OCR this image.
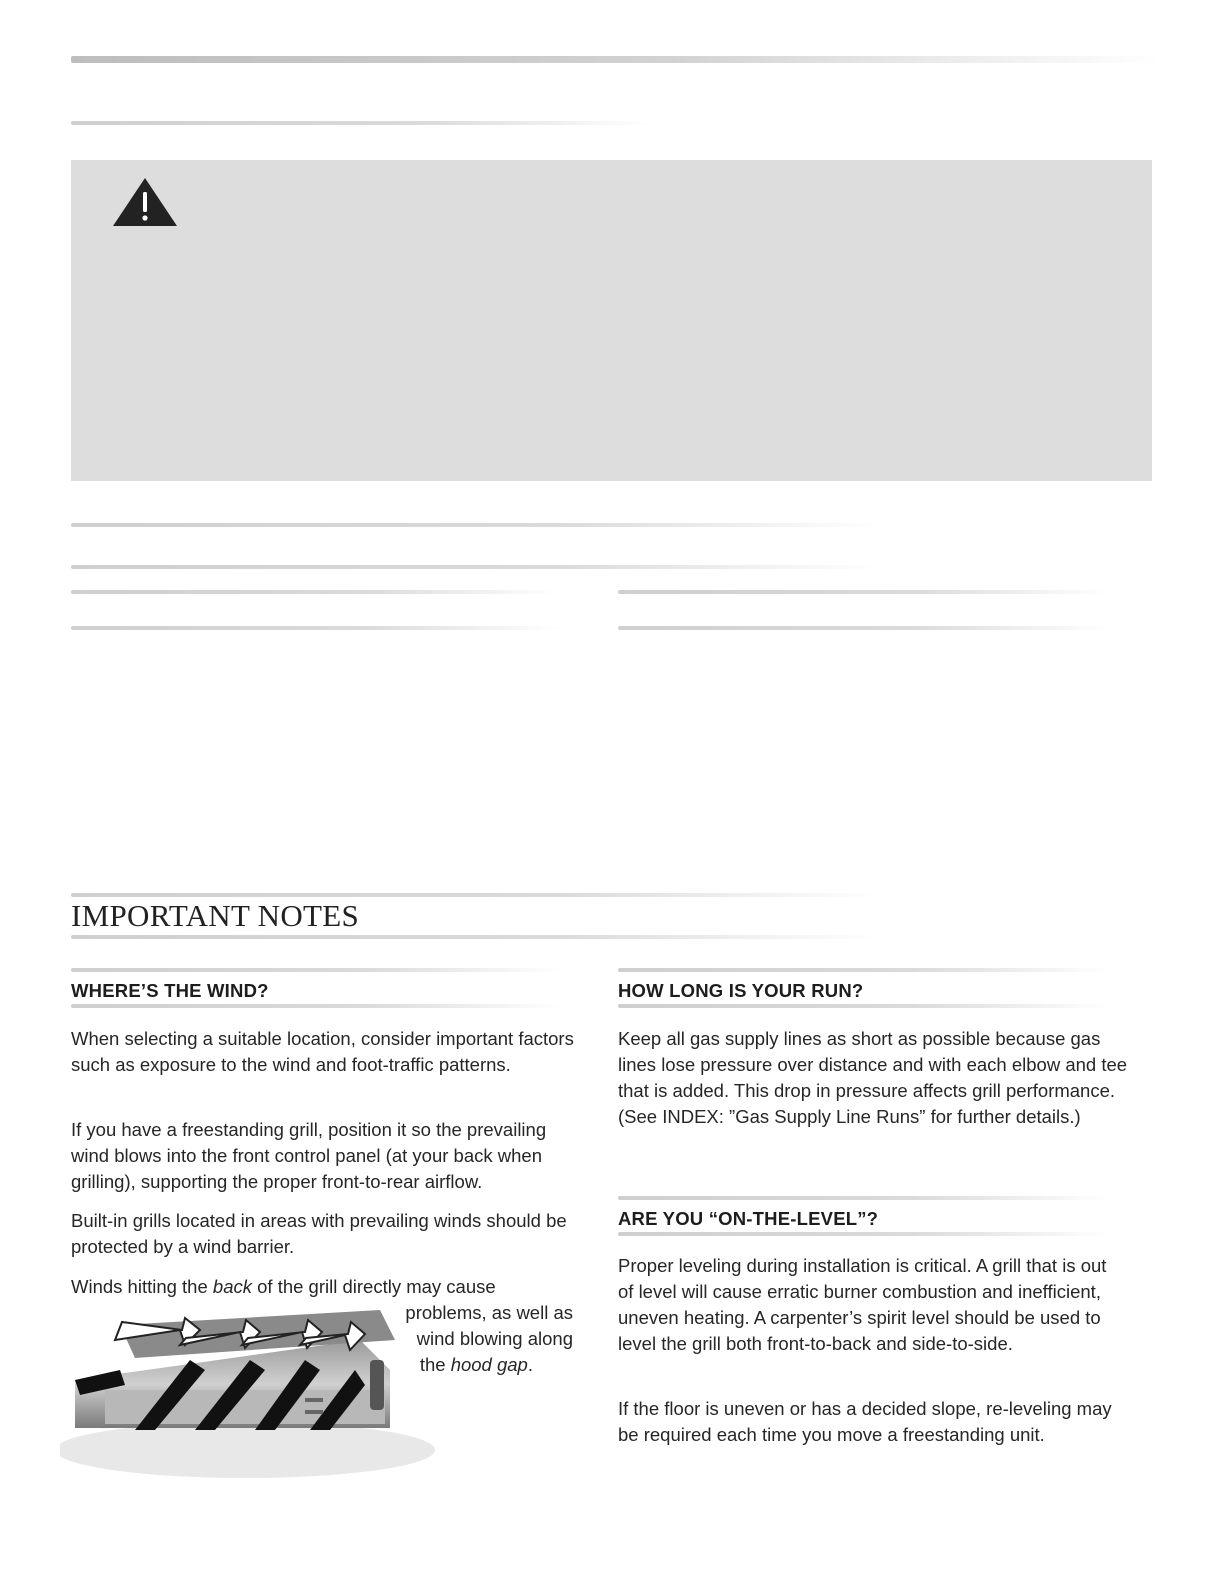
IMPORTANT NOTES
WHERE’S THE WIND?

When selecting a suitable location, consider important factors such as exposure to the wind and foot-traffic patterns.

If you have a freestanding grill, position it so the prevailing wind blows into the front control panel (at your back when grilling), supporting the proper front-to-rear airflow.

Built-in grills located in areas with prevailing winds should be protected by a wind barrier.

Winds hitting the back of the grill directly may cause

problems, as well as
wind blowing along
the hood gap.
HOW LONG IS YOUR RUN?

Keep all gas supply lines as short as possible because gas lines lose pressure over distance and with each elbow and tee that is added. This drop in pressure affects grill performance. (See INDEX: ”Gas Supply Line Runs” for further details.)

ARE YOU “ON-THE-LEVEL”?

Proper leveling during installation is critical. A grill that is out of level will cause erratic burner combustion and inefficient, uneven heating. A carpenter’s spirit level should be used to level the grill both front-to-back and side-to-side.

If the floor is uneven or has a decided slope, re-leveling may be required each time you move a freestanding unit.
